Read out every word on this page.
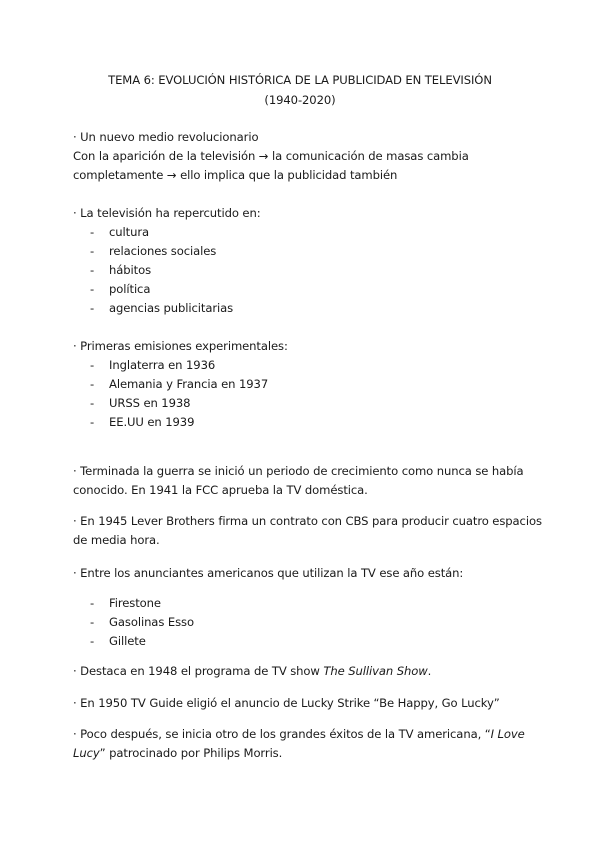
TEMA 6: EVOLUCIÓN HISTÓRICA DE LA PUBLICIDAD EN TELEVISIÓN
(1940-2020)
· Un nuevo medio revolucionario
Con la aparición de la televisión → la comunicación de masas cambia
completamente → ello implica que la publicidad también
· La televisión ha repercutido en:
- cultura
- relaciones sociales
- hábitos
- política
- agencias publicitarias
· Primeras emisiones experimentales:
- Inglaterra en 1936
- Alemania y Francia en 1937
- URSS en 1938
- EE.UU en 1939
· Terminada la guerra se inició un periodo de crecimiento como nunca se había
conocido. En 1941 la FCC aprueba la TV doméstica.
· En 1945 Lever Brothers firma un contrato con CBS para producir cuatro espacios
de media hora.
· Entre los anunciantes americanos que utilizan la TV ese año están:
- Firestone
- Gasolinas Esso
- Gillete
· Destaca en 1948 el programa de TV show The Sullivan Show.
· En 1950 TV Guide eligió el anuncio de Lucky Strike “Be Happy, Go Lucky”
· Poco después, se inicia otro de los grandes éxitos de la TV americana, “I Love
Lucy” patrocinado por Philips Morris.
